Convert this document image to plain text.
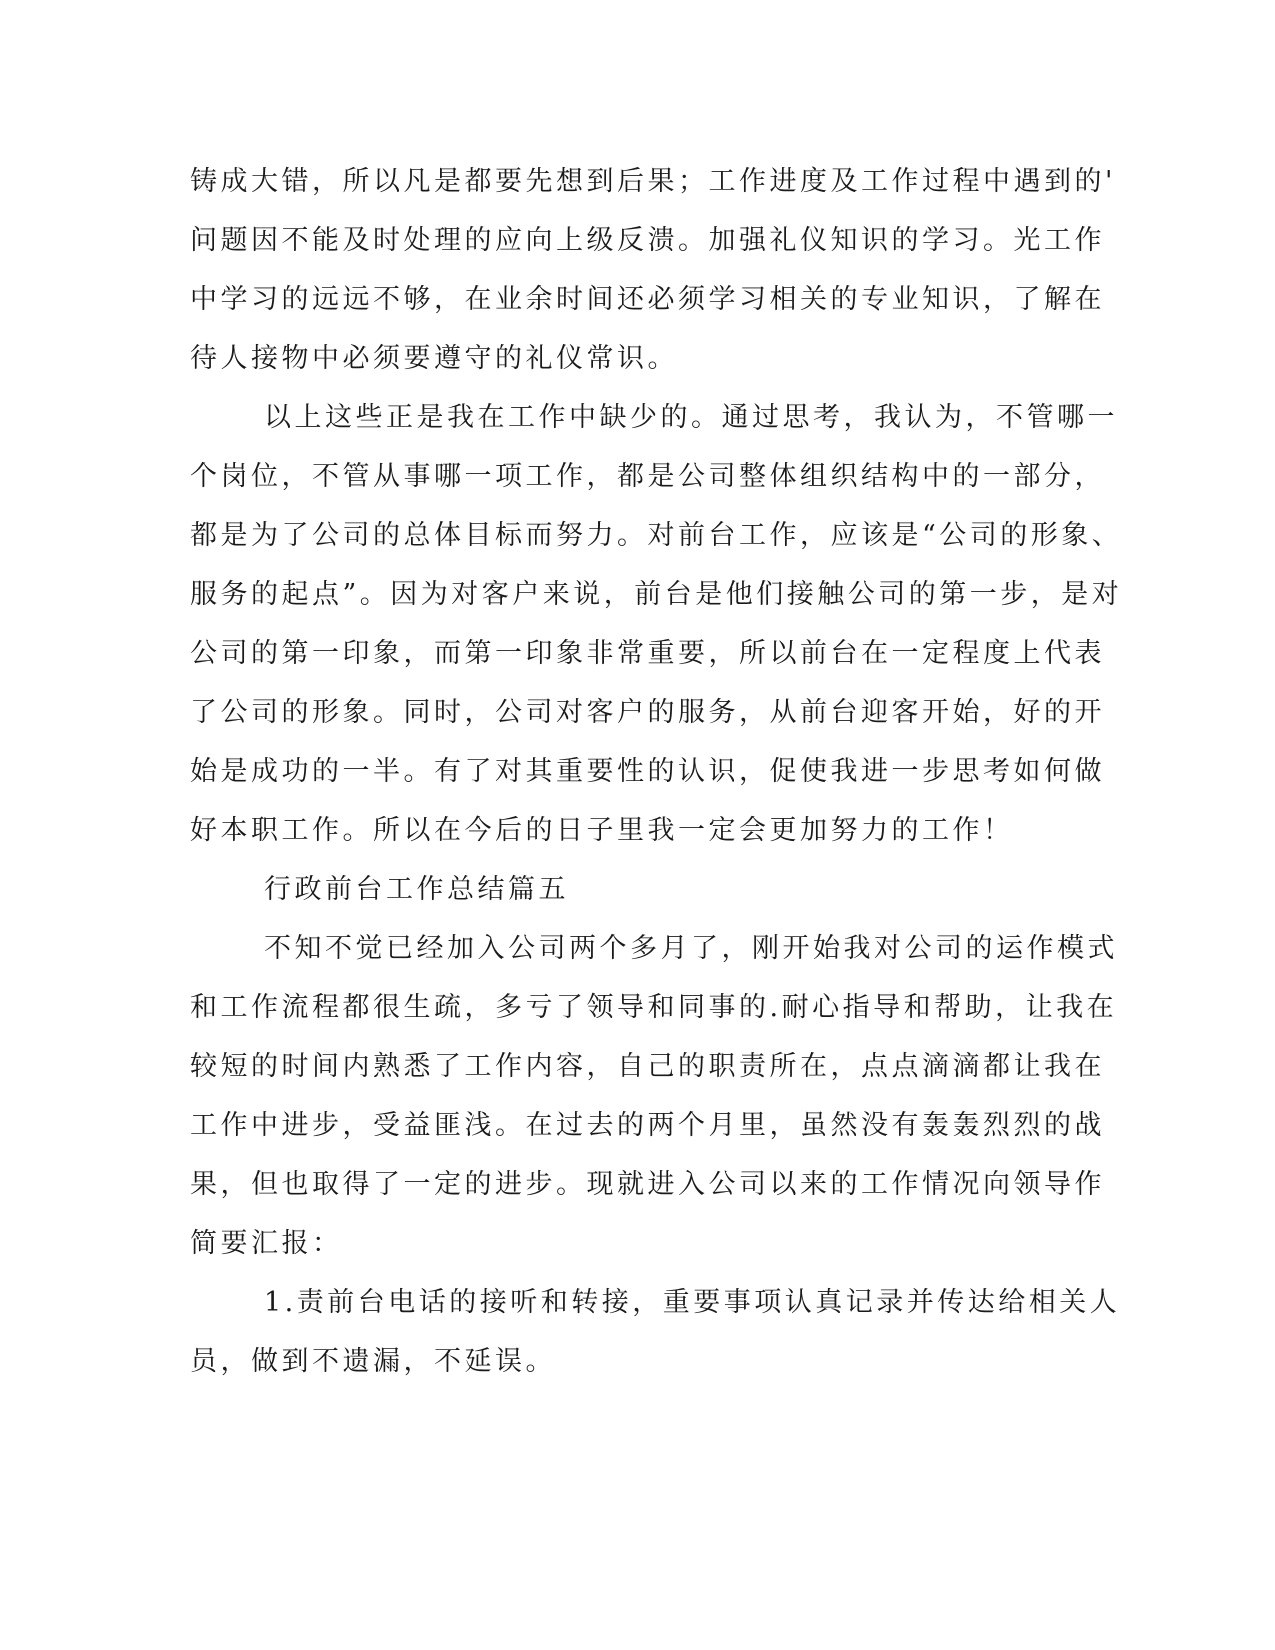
铸成大错，所以凡是都要先想到后果；工作进度及工作过程中遇到的'
问题因不能及时处理的应向上级反溃。加强礼仪知识的学习。光工作
中学习的远远不够，在业余时间还必须学习相关的专业知识，了解在
待人接物中必须要遵守的礼仪常识。
以上这些正是我在工作中缺少的。通过思考，我认为，不管哪一
个岗位，不管从事哪一项工作，都是公司整体组织结构中的一部分，
都是为了公司的总体目标而努力。对前台工作，应该是“公司的形象、
服务的起点”。因为对客户来说，前台是他们接触公司的第一步，是对
公司的第一印象，而第一印象非常重要，所以前台在一定程度上代表
了公司的形象。同时，公司对客户的服务，从前台迎客开始，好的开
始是成功的一半。有了对其重要性的认识，促使我进一步思考如何做
好本职工作。所以在今后的日子里我一定会更加努力的工作！
行政前台工作总结篇五
不知不觉已经加入公司两个多月了，刚开始我对公司的运作模式
和工作流程都很生疏，多亏了领导和同事的.耐心指导和帮助，让我在
较短的时间内熟悉了工作内容，自己的职责所在，点点滴滴都让我在
工作中进步，受益匪浅。在过去的两个月里，虽然没有轰轰烈烈的战
果，但也取得了一定的进步。现就进入公司以来的工作情况向领导作
简要汇报：
1.责前台电话的接听和转接，重要事项认真记录并传达给相关人
员，做到不遗漏，不延误。
